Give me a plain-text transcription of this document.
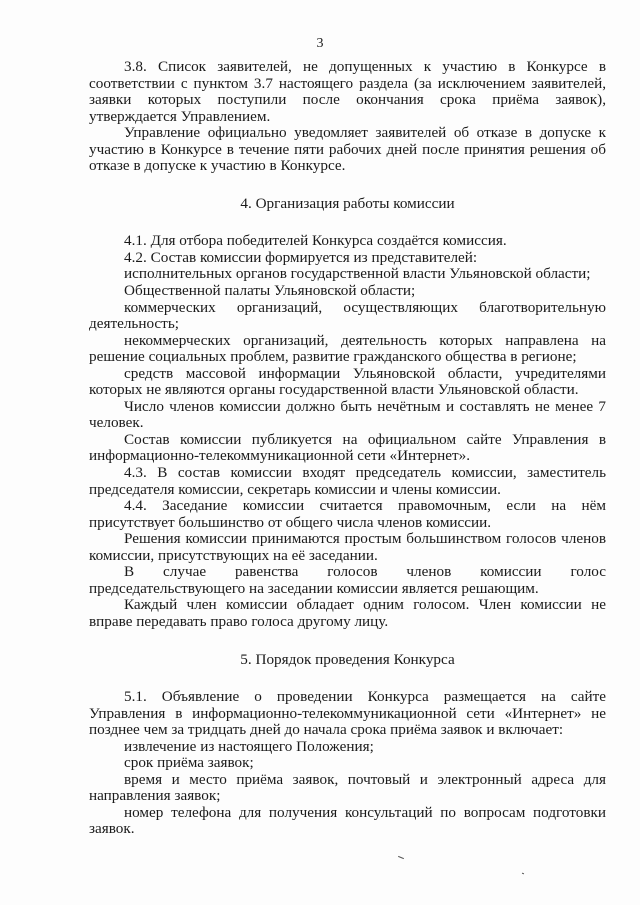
3

3.8. Список заявителей, не допущенных к участию в Конкурсе в соответствии с пунктом 3.7 настоящего раздела (за исключением заявителей, заявки которых поступили после окончания срока приёма заявок), утверждается Управлением.

Управление официально уведомляет заявителей об отказе в допуске к участию в Конкурсе в течение пяти рабочих дней после принятия решения об отказе в допуске к участию в Конкурсе.

4. Организация работы комиссии

4.1. Для отбора победителей Конкурса создаётся комиссия.

4.2. Состав комиссии формируется из представителей:

исполнительных органов государственной власти Ульяновской области;

Общественной палаты Ульяновской области;

коммерческих организаций, осуществляющих благотворительную деятельность;

некоммерческих организаций, деятельность которых направлена на решение социальных проблем, развитие гражданского общества в регионе;

средств массовой информации Ульяновской области, учредителями которых не являются органы государственной власти Ульяновской области.

Число членов комиссии должно быть нечётным и составлять не менее 7 человек.

Состав комиссии публикуется на официальном сайте Управления в информационно-телекоммуникационной сети «Интернет».

4.3. В состав комиссии входят председатель комиссии, заместитель председателя комиссии, секретарь комиссии и члены комиссии.

4.4. Заседание комиссии считается правомочным, если на нём присутствует большинство от общего числа членов комиссии.

Решения комиссии принимаются простым большинством голосов членов комиссии, присутствующих на её заседании.

В случае равенства голосов членов комиссии голос председательствующего на заседании комиссии является решающим.

Каждый член комиссии обладает одним голосом. Член комиссии не вправе передавать право голоса другому лицу.

5. Порядок проведения Конкурса

5.1. Объявление о проведении Конкурса размещается на сайте Управления в информационно-телекоммуникационной сети «Интернет» не позднее чем за тридцать дней до начала срока приёма заявок и включает:

извлечение из настоящего Положения;

срок приёма заявок;

время и место приёма заявок, почтовый и электронный адреса для направления заявок;

номер телефона для получения консультаций по вопросам подготовки заявок.
